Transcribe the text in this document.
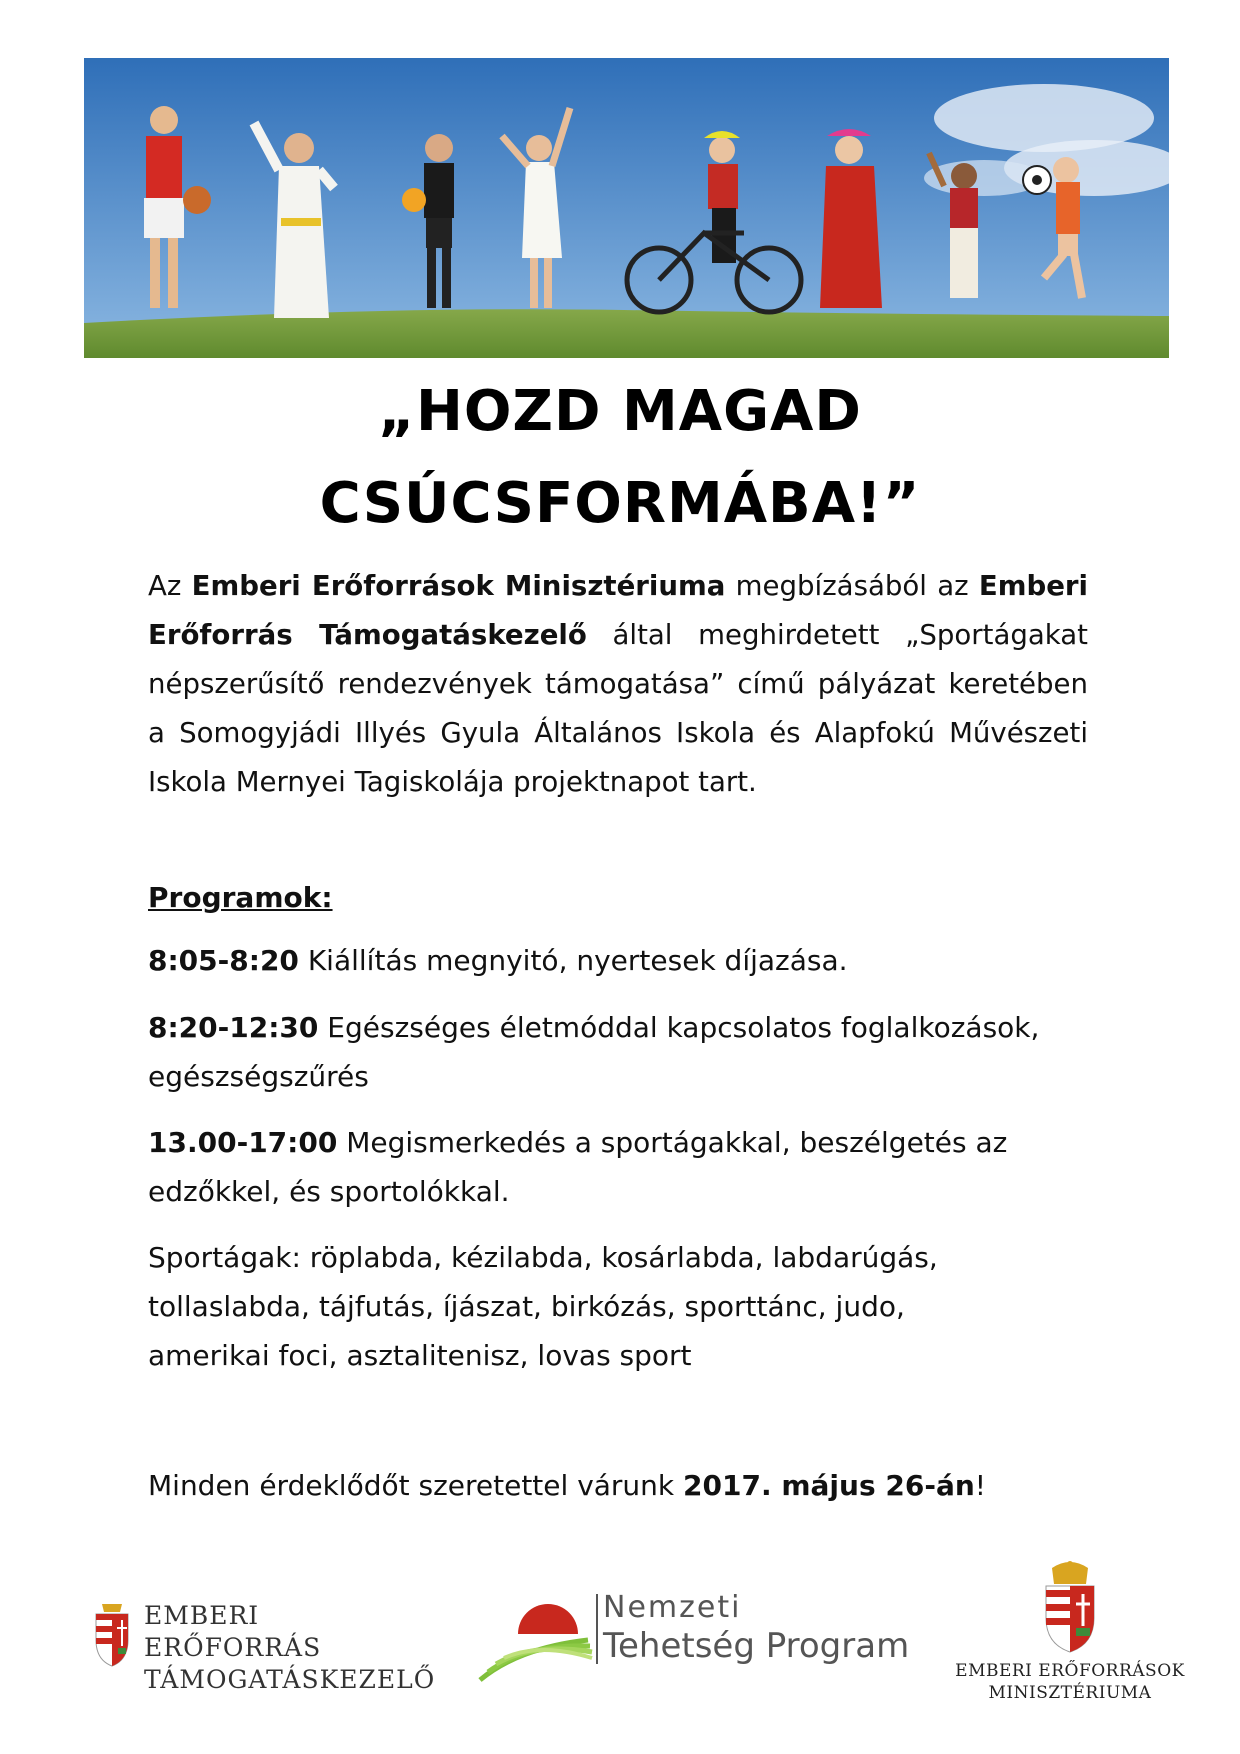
„HOZD MAGAD
CSÚCSFORMÁBA!”
Az Emberi Erőforrások Minisztériuma megbízásából az Emberi Erőforrás Támogatáskezelő által meghirdetett „Sportágakat népszerűsítő rendezvények támogatása” című pályázat keretében a Somogyjádi Illyés Gyula Általános Iskola és Alapfokú Művészeti Iskola Mernyei Tagiskolája projektnapot tart.
Programok:
8:05-8:20 Kiállítás megnyitó, nyertesek díjazása.
8:20-12:30 Egészséges életmóddal kapcsolatos foglalkozások, egészségszűrés
13.00-17:00 Megismerkedés a sportágakkal, beszélgetés az edzőkkel, és sportolókkal.
Sportágak: röplabda, kézilabda, kosárlabda, labdarúgás,
tollaslabda, tájfutás, íjászat, birkózás, sporttánc, judo,
amerikai foci, asztalitenisz, lovas sport
Minden érdeklődőt szeretettel várunk 2017. május 26-án!
EMBERI ERŐFORRÁS
TÁMOGATÁSKEZELŐ
Nemzeti
Tehetség Program
EMBERI ERŐFORRÁSOK
MINISZTÉRIUMA
